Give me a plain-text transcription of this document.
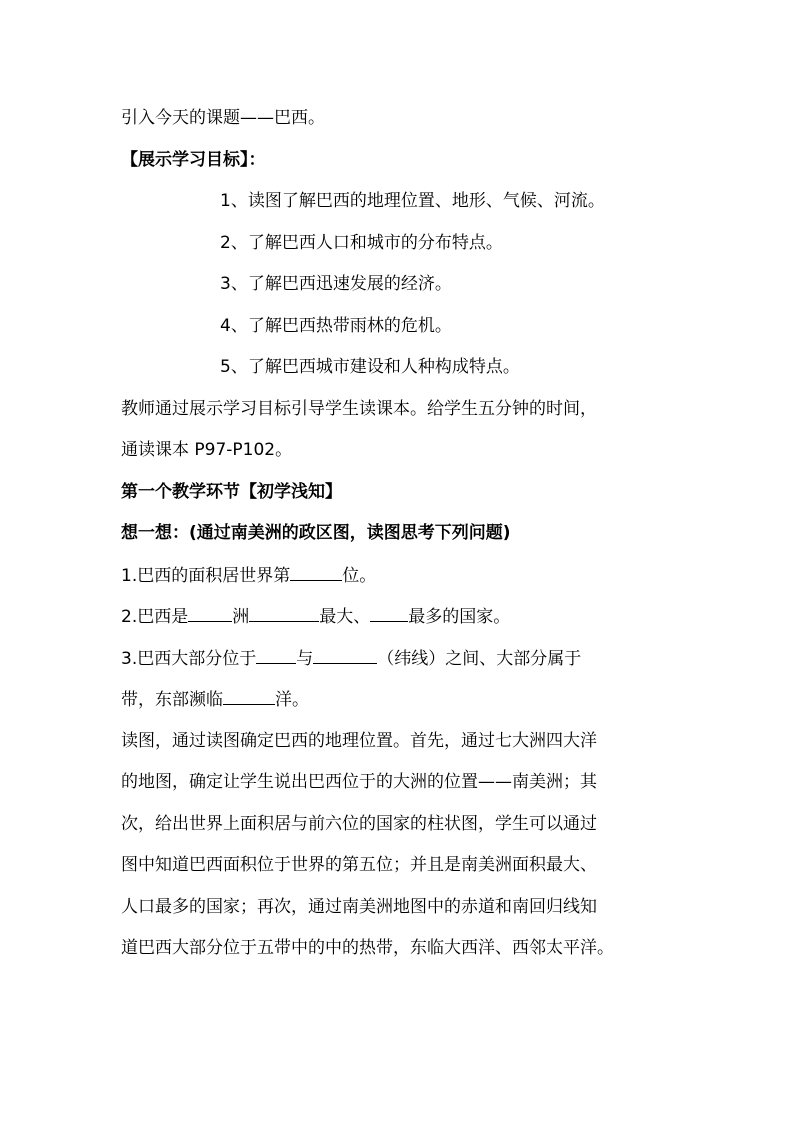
引入今天的课题——巴西。
【展示学习目标】：
1、读图了解巴西的地理位置、地形、气候、河流。
2、了解巴西人口和城市的分布特点。
3、了解巴西迅速发展的经济。
4、了解巴西热带雨林的危机。
5、了解巴西城市建设和人种构成特点。
教师通过展示学习目标引导学生读课本。给学生五分钟的时间，
通读课本 P97-P102。
第一个教学环节【初学浅知】
想一想：(通过南美洲的政区图，读图思考下列问题)
1.巴西的面积居世界第	位。
2.巴西是	洲	最大、 最多的国家。
3.巴西大部分位于 与	（纬线）之间、大部分属于
带，东部濒临	洋。
读图，通过读图确定巴西的地理位置。首先，通过七大洲四大洋
的地图，确定让学生说出巴西位于的大洲的位置——南美洲；其
次，给出世界上面积居与前六位的国家的柱状图，学生可以通过
图中知道巴西面积位于世界的第五位；并且是南美洲面积最大、
人口最多的国家；再次，通过南美洲地图中的赤道和南回归线知
道巴西大部分位于五带中的中的热带，东临大西洋、西邻太平洋。
